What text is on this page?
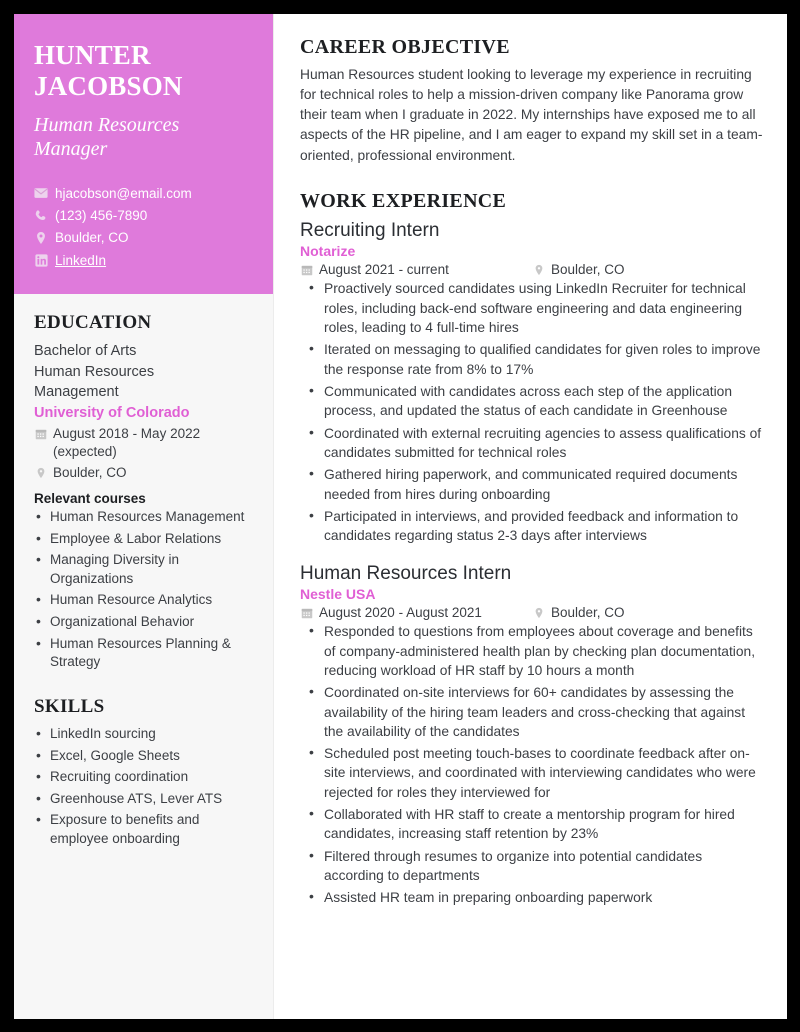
HUNTER
JACOBSON
Human Resources Manager
hjacobson@email.com
(123) 456-7890
Boulder, CO
LinkedIn
EDUCATION
Bachelor of Arts
Human Resources
Management
University of Colorado
August 2018 - May 2022 (expected)
Boulder, CO
Relevant courses
• Human Resources Management
• Employee & Labor Relations
• Managing Diversity in Organizations
• Human Resource Analytics
• Organizational Behavior
• Human Resources Planning & Strategy
SKILLS
• LinkedIn sourcing
• Excel, Google Sheets
• Recruiting coordination
• Greenhouse ATS, Lever ATS
• Exposure to benefits and employee onboarding
CAREER OBJECTIVE

Human Resources student looking to leverage my experience in recruiting for technical roles to help a mission-driven company like Panorama grow their team when I graduate in 2022. My internships have exposed me to all aspects of the HR pipeline, and I am eager to expand my skill set in a team-oriented, professional environment.

WORK EXPERIENCE
Recruiting Intern
Notarize
August 2021 - current	Boulder, CO
• Proactively sourced candidates using LinkedIn Recruiter for technical roles, including back-end software engineering and data engineering roles, leading to 4 full-time hires
• Iterated on messaging to qualified candidates for given roles to improve the response rate from 8% to 17%
• Communicated with candidates across each step of the application process, and updated the status of each candidate in Greenhouse
• Coordinated with external recruiting agencies to assess qualifications of candidates submitted for technical roles
• Gathered hiring paperwork, and communicated required documents needed from hires during onboarding
• Participated in interviews, and provided feedback and information to candidates regarding status 2-3 days after interviews
Human Resources Intern
Nestle USA
August 2020 - August 2021	Boulder, CO
• Responded to questions from employees about coverage and benefits of company-administered health plan by checking plan documentation, reducing workload of HR staff by 10 hours a month
• Coordinated on-site interviews for 60+ candidates by assessing the availability of the hiring team leaders and cross-checking that against the availability of the candidates
• Scheduled post meeting touch-bases to coordinate feedback after on-site interviews, and coordinated with interviewing candidates who were rejected for roles they interviewed for
• Collaborated with HR staff to create a mentorship program for hired candidates, increasing staff retention by 23%
• Filtered through resumes to organize into potential candidates according to departments
• Assisted HR team in preparing onboarding paperwork
